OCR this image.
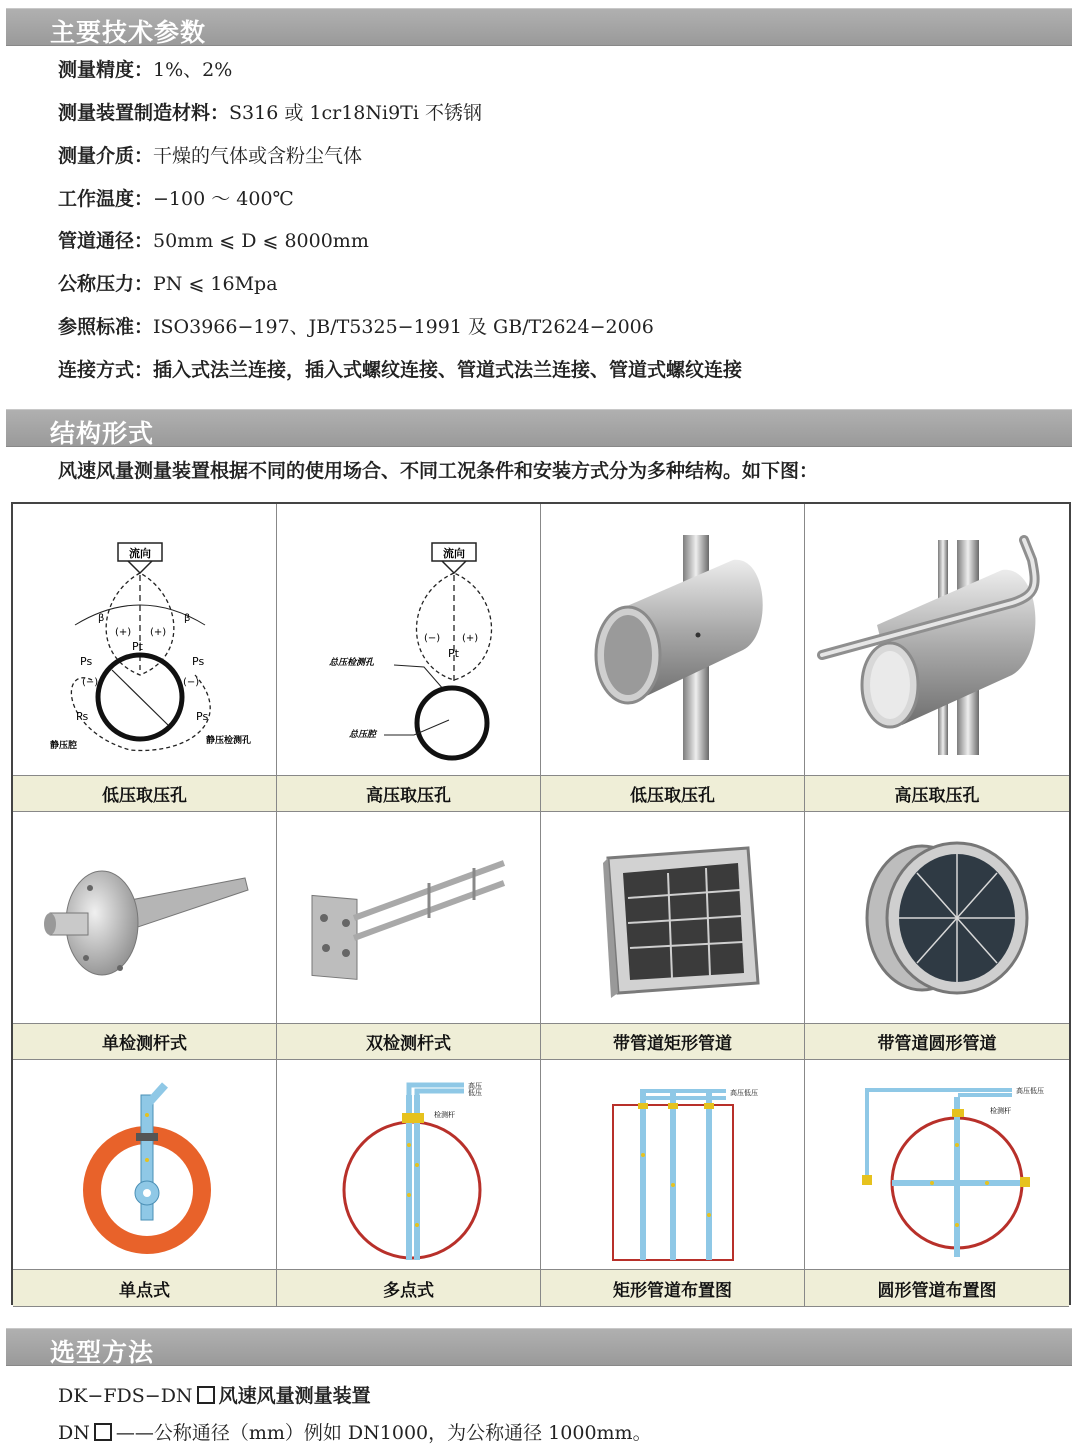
主要技术参数
测量精度：1%、2%
测量装置制造材料：S316 或 1cr18Ni9Ti 不锈钢
测量介质：干燥的气体或含粉尘气体
工作温度：−100 ～ 400℃
管道通径：50mm ⩽ D ⩽ 8000mm
公称压力：PN ⩽ 16Mpa
参照标准：ISO3966−197、JB/T5325−1991 及 GB/T2624−2006
连接方式：插入式法兰连接，插入式螺纹连接、管道式法兰连接、管道式螺纹连接
结构形式
风速风量测量装置根据不同的使用场合、不同工况条件和安装方式分为多种结构。如下图：
流向
(+) (+)
Pt
β	β
Ps	Ps
(−)	(−)
Ps	Ps
静压腔	静压检测孔
流向
(−) (+)
Pt
总压检测孔
总压腔
低压取压孔	高压取压孔	低压取压孔	高压取压孔
单检测杆式	双检测杆式	带管道矩形管道	带管道圆形管道
高压
低压
检测杆
高压低压	高压低压
检测杆
单点式	多点式	矩形管道布置图	圆形管道布置图
选型方法
DK−FDS−DN 风速风量测量装置
DN ——公称通径（mm）例如 DN1000，为公称通径 1000mm。
